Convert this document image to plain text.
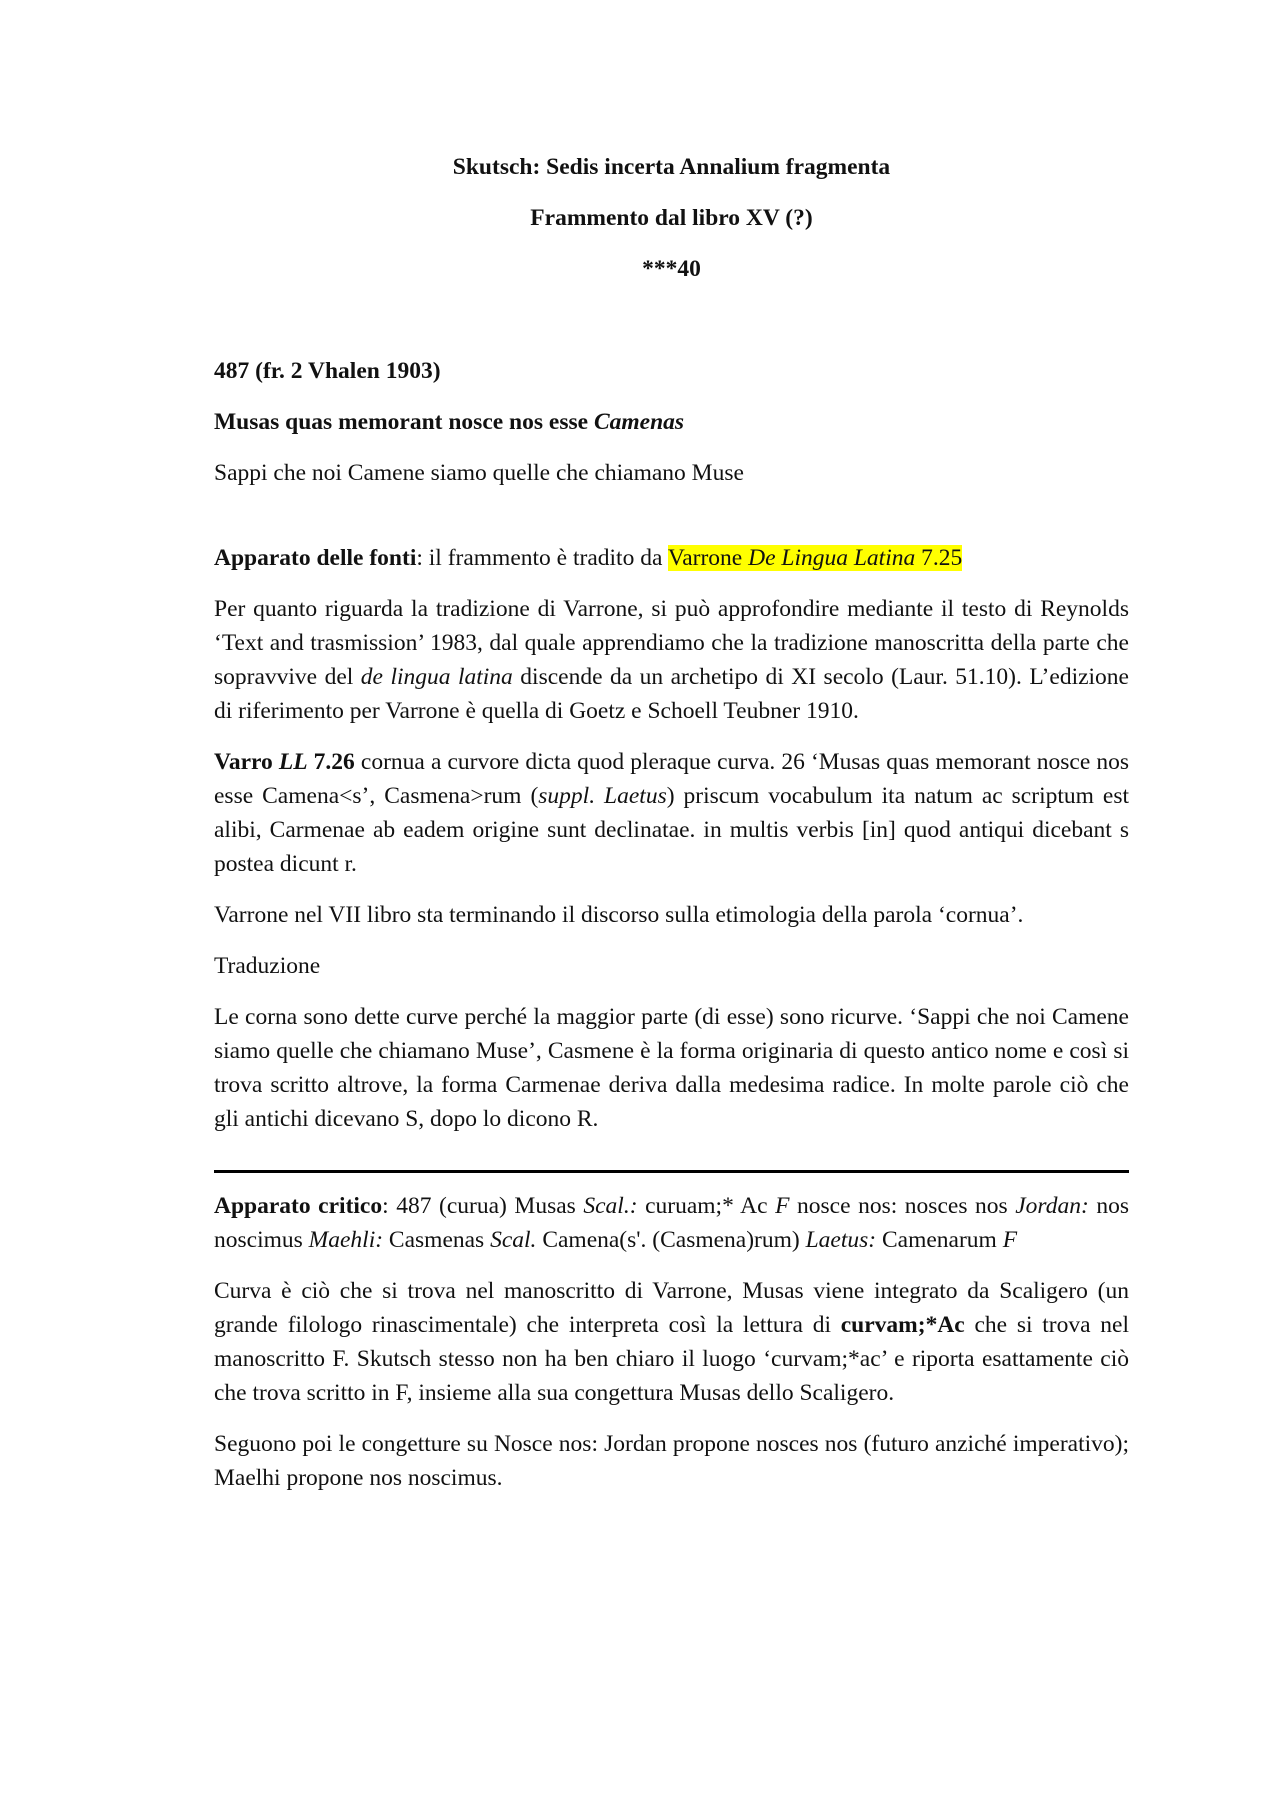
Skutsch: Sedis incerta Annalium fragmenta

Frammento dal libro XV (?)

***40

487 (fr. 2 Vhalen 1903)

Musas quas memorant nosce nos esse Camenas

Sappi che noi Camene siamo quelle che chiamano Muse

Apparato delle fonti: il frammento è tradito da Varrone De Lingua Latina 7.25

Per quanto riguarda la tradizione di Varrone, si può approfondire mediante il testo di Reynolds ‘Text and trasmission’ 1983, dal quale apprendiamo che la tradizione manoscritta della parte che sopravvive del de lingua latina discende da un archetipo di XI secolo (Laur. 51.10). L’edizione di riferimento per Varrone è quella di Goetz e Schoell Teubner 1910.

Varro LL 7.26 cornua a curvore dicta quod pleraque curva. 26 ‘Musas quas memorant nosce nos esse Camena<s’, Casmena>rum (suppl. Laetus) priscum vocabulum ita natum ac scriptum est alibi, Carmenae ab eadem origine sunt declinatae. in multis verbis [in] quod antiqui dicebant s postea dicunt r.

Varrone nel VII libro sta terminando il discorso sulla etimologia della parola ‘cornua’.

Traduzione

Le corna sono dette curve perché la maggior parte (di esse) sono ricurve. ‘Sappi che noi Camene siamo quelle che chiamano Muse’, Casmene è la forma originaria di questo antico nome e così si trova scritto altrove, la forma Carmenae deriva dalla medesima radice. In molte parole ciò che gli antichi dicevano S, dopo lo dicono R.

Apparato critico: 487 (curua) Musas Scal.: curuam;* Ac F nosce nos: nosces nos Jordan: nos noscimus Maehli: Casmenas Scal. Camena(s'. (Casmena)rum) Laetus: Camenarum F

Curva è ciò che si trova nel manoscritto di Varrone, Musas viene integrato da Scaligero (un grande filologo rinascimentale) che interpreta così la lettura di curvam;*Ac che si trova nel manoscritto F. Skutsch stesso non ha ben chiaro il luogo ‘curvam;*ac’ e riporta esattamente ciò che trova scritto in F, insieme alla sua congettura Musas dello Scaligero.

Seguono poi le congetture su Nosce nos: Jordan propone nosces nos (futuro anziché imperativo); Maelhi propone nos noscimus.
